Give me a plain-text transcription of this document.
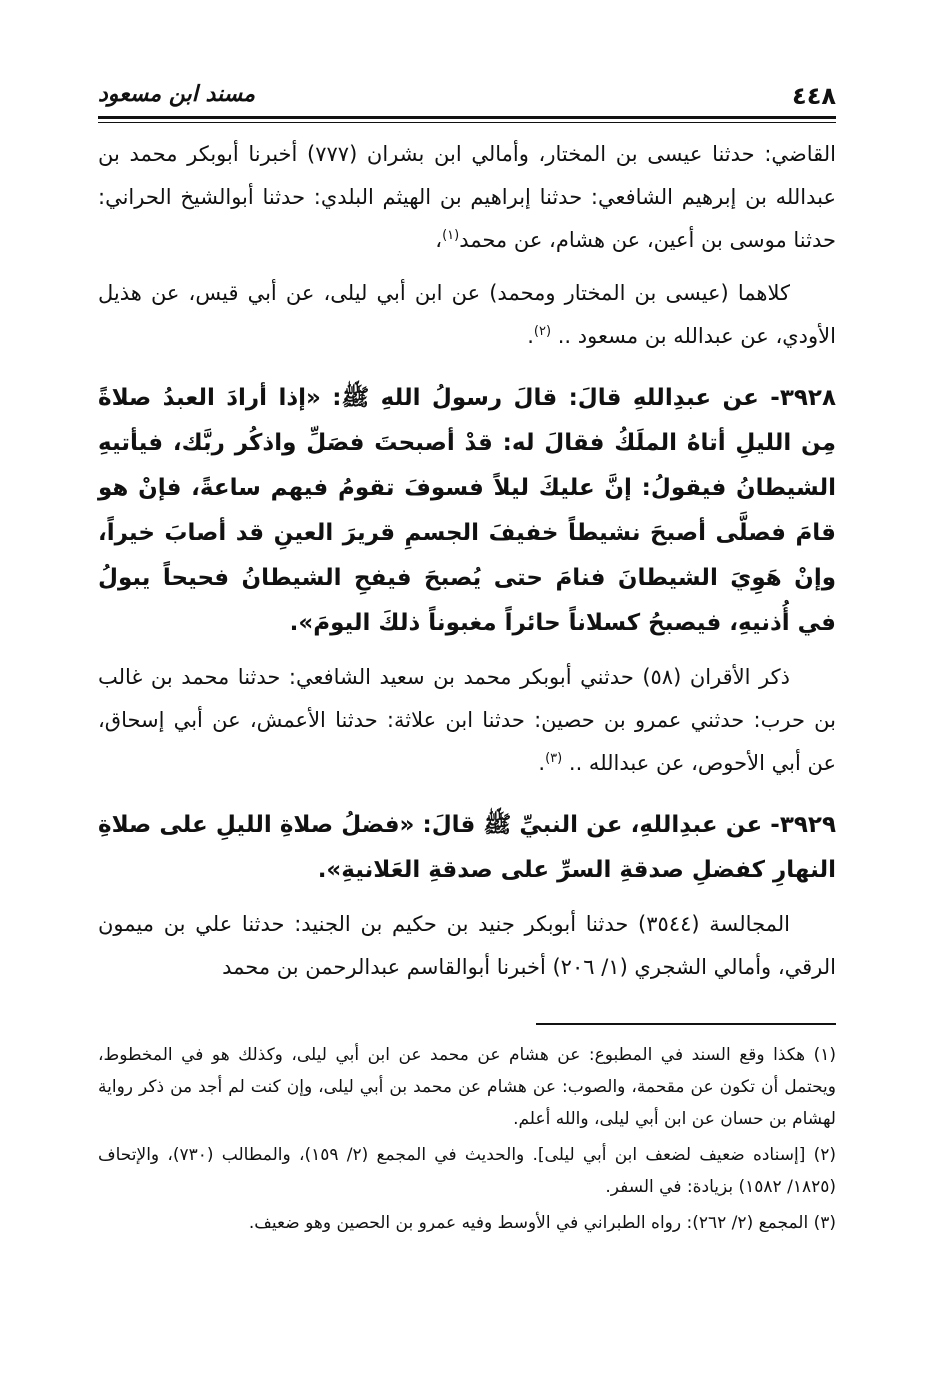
٤٤٨
مسند ابن مسعود

القاضي: حدثنا عيسى بن المختار، وأمالي ابن بشران (٧٧٧) أخبرنا أبوبكر محمد بن عبدالله بن إبرهيم الشافعي: حدثنا إبراهيم بن الهيثم البلدي: حدثنا أبوالشيخ الحراني: حدثنا موسى بن أعين، عن هشام، عن محمد$^{(١)}$،

كلاهما (عيسى بن المختار ومحمد) عن ابن أبي ليلى، عن أبي قيس، عن هذيل الأودي، عن عبدالله بن مسعود .. $^{(٢)}$.

٣٩٢٨- عن عبدِاللهِ قالَ: قالَ رسولُ اللهِ ﷺ: «إذا أرادَ العبدُ صلاةً مِن الليلِ أتاهُ الملَكُ فقالَ له: قدْ أصبحتَ فصَلِّ واذكُر ربَّك، فيأتيهِ الشيطانُ فيقولُ: إنَّ عليكَ ليلاً فسوفَ تقومُ فيهم ساعةً، فإنْ هو قامَ فصلَّى أصبحَ نشيطاً خفيفَ الجسمِ قريرَ العينِ قد أصابَ خيراً، وإنْ هَوِيَ الشيطانَ فنامَ حتى يُصبحَ فيفحِ الشيطانُ فحيحاً يبولُ في أُذنيهِ، فيصبحُ كسلاناً حائراً مغبوناً ذلكَ اليومَ».

ذكر الأقران (٥٨) حدثني أبوبكر محمد بن سعيد الشافعي: حدثنا محمد بن غالب بن حرب: حدثني عمرو بن حصين: حدثنا ابن علاثة: حدثنا الأعمش، عن أبي إسحاق، عن أبي الأحوص، عن عبدالله .. $^{(٣)}$.

٣٩٢٩- عن عبدِاللهِ، عن النبيِّ ﷺ قالَ: «فضلُ صلاةِ الليلِ على صلاةِ النهارِ كفضلِ صدقةِ السرِّ على صدقةِ العَلانيةِ».

المجالسة (٣٥٤٤) حدثنا أبوبكر جنيد بن حكيم بن الجنيد: حدثنا علي بن ميمون الرقي، وأمالي الشجري (١/ ٢٠٦) أخبرنا أبوالقاسم عبدالرحمن بن محمد

(١) هكذا وقع السند في المطبوع: عن هشام عن محمد عن ابن أبي ليلى، وكذلك هو في المخطوط، ويحتمل أن تكون عن مقحمة، والصوب: عن هشام عن محمد بن أبي ليلى، وإن كنت لم أجد من ذكر رواية لهشام بن حسان عن ابن أبي ليلى، والله أعلم.

(٢) [إسناده ضعيف لضعف ابن أبي ليلى]. والحديث في المجمع (٢/ ١٥٩)، والمطالب (٧٣٠)، والإتحاف (١٨٢٥/ ١٥٨٢) بزيادة: في السفر.

(٣) المجمع (٢/ ٢٦٢): رواه الطبراني في الأوسط وفيه عمرو بن الحصين وهو ضعيف.
